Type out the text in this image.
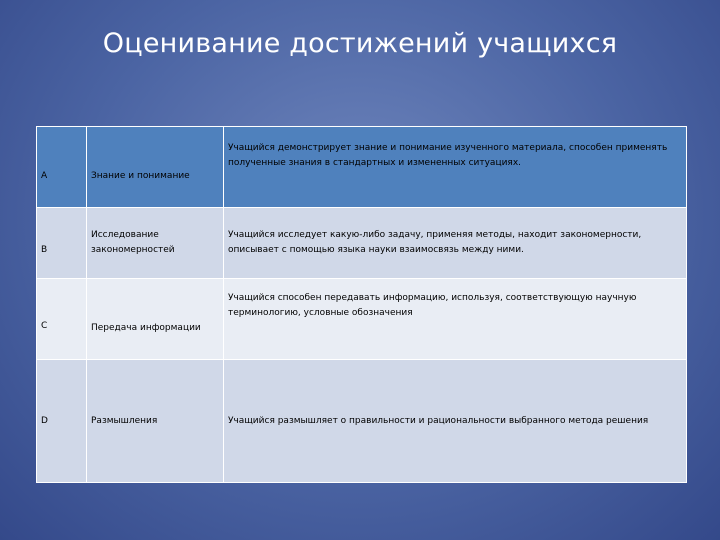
Оценивание достижений учащихся
A	Знание и понимание	Учащийся демонстрирует знание и понимание изученного материала, способен применять полученные знания в стандартных и измененных ситуациях.
B	Исследование закономерностей	Учащийся исследует какую-либо задачу, применяя методы, находит закономерности, описывает с помощью языка науки взаимосвязь между ними.
C	Передача информации	Учащийся способен передавать информацию, используя, соответствующую научную терминологию, условные обозначения
D	Размышления	Учащийся размышляет о правильности и рациональности выбранного метода решения
